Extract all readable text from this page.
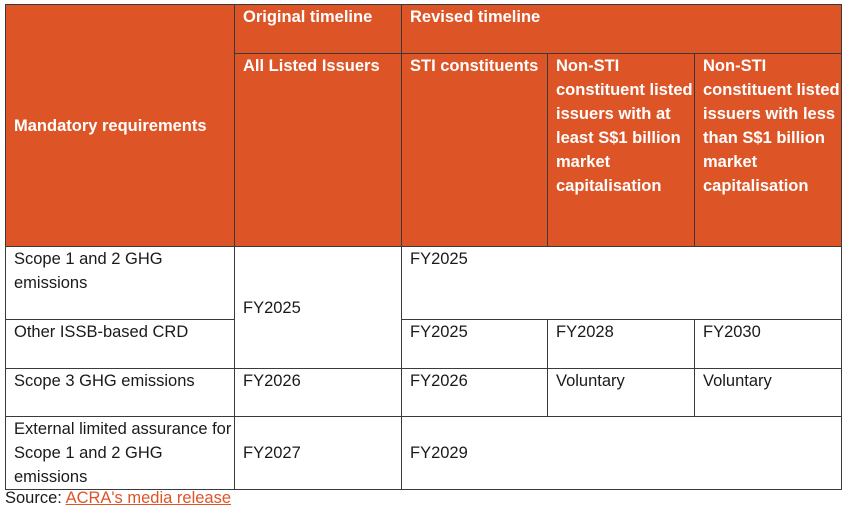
Mandatory requirements	Original timeline	Revised timeline		
	All Listed Issuers	STI constituents	Non-STI constituent listed issuers with at least S$1 billion market capitalisation	Non-STI constituent listed issuers with less than S$1 billion market capitalisation
Scope 1 and 2 GHG emissions	FY2025	FY2025		
Other ISSB-based CRD		FY2025	FY2028	FY2030
Scope 3 GHG emissions	FY2026	FY2026	Voluntary	Voluntary
External limited assurance for Scope 1 and 2 GHG emissions	FY2027	FY2029		
Source: ACRA's media release
